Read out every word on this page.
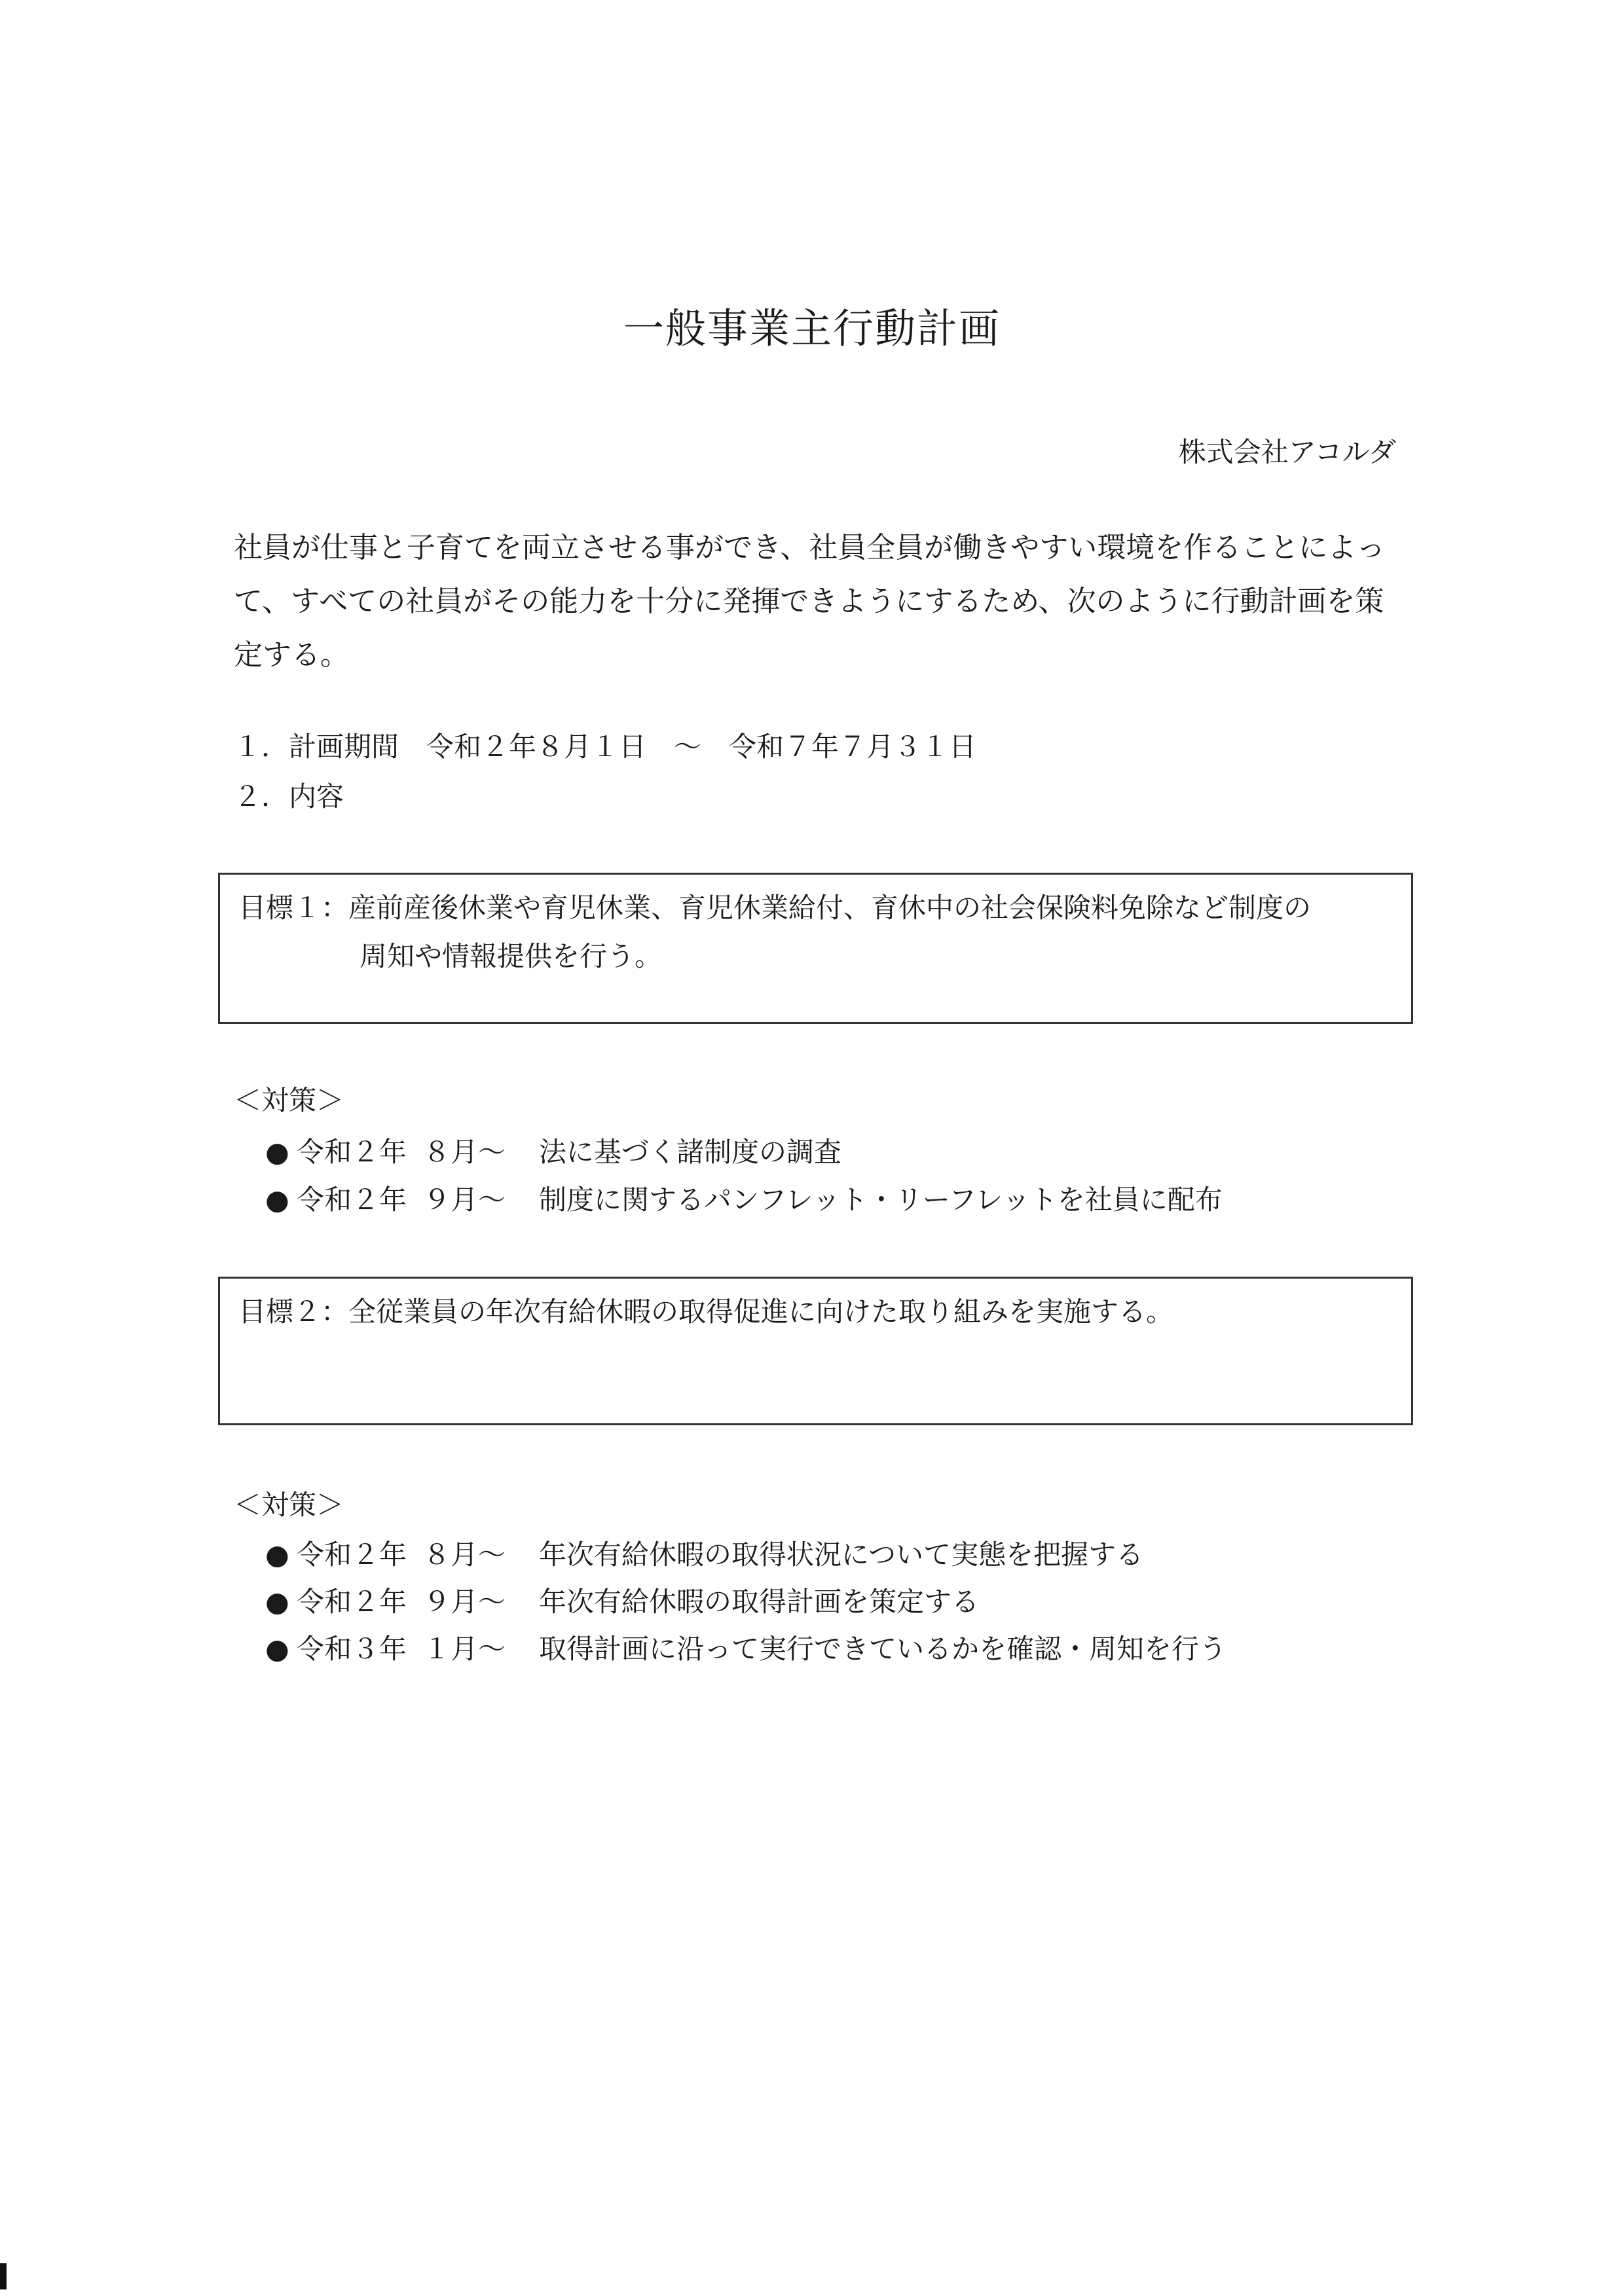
一般事業主行動計画
株式会社アコルダ
社員が仕事と子育てを両立させる事ができ、社員全員が働きやすい環境を作ることによって、すべての社員がその能力を十分に発揮できようにするため、次のように行動計画を策定する。
１．計画期間　 令和２年８月１日　～　令和７年７月３１日
２．内容
目標１：産前産後休業や育児休業、育児休業給付、育休中の社会保険料免除など制度の
周知や情報提供を行う。
＜対策＞
● 令和２年 ８月～ 法に基づく諸制度の調査
● 令和２年 ９月～ 制度に関するパンフレット・リーフレットを社員に配布
目標２：全従業員の年次有給休暇の取得促進に向けた取り組みを実施する。
＜対策＞
● 令和２年 ８月～ 年次有給休暇の取得状況について実態を把握する
● 令和２年 ９月～ 年次有給休暇の取得計画を策定する
● 令和３年 １月～ 取得計画に沿って実行できているかを確認・周知を行う
